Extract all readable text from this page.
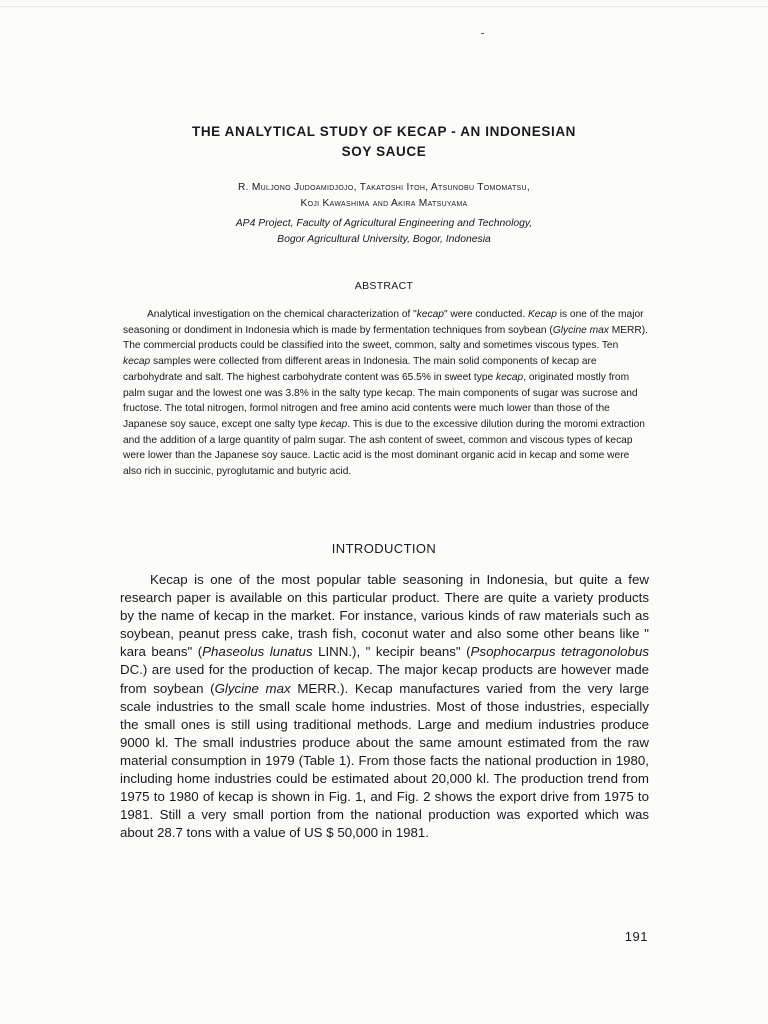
THE ANALYTICAL STUDY OF KECAP - AN INDONESIAN
SOY SAUCE
R. Muljono Judoamidjojo, Takatoshi Itoh, Atsunobu Tomomatsu,
Koji Kawashima and Akira Matsuyama
AP4 Project, Faculty of Agricultural Engineering and Technology,
Bogor Agricultural University, Bogor, Indonesia
ABSTRACT

Analytical investigation on the chemical characterization of "kecap" were conducted. Kecap is one of the major seasoning or dondiment in Indonesia which is made by fermentation techniques from soybean (Glycine max MERR). The commercial products could be classified into the sweet, common, salty and sometimes viscous types. Ten kecap samples were collected from different areas in Indonesia. The main solid components of kecap are carbohydrate and salt. The highest carbohydrate content was 65.5% in sweet type kecap, originated mostly from palm sugar and the lowest one was 3.8% in the salty type kecap. The main components of sugar was sucrose and fructose. The total nitrogen, formol nitrogen and free amino acid contents were much lower than those of the Japanese soy sauce, except one salty type kecap. This is due to the excessive dilution during the moromi extraction and the addition of a large quantity of palm sugar. The ash content of sweet, common and viscous types of kecap were lower than the Japanese soy sauce. Lactic acid is the most dominant organic acid in kecap and some were also rich in succinic, pyroglutamic and butyric acid.

INTRODUCTION

Kecap is one of the most popular table seasoning in Indonesia, but quite a few research paper is available on this particular product. There are quite a variety products by the name of kecap in the market. For instance, various kinds of raw materials such as soybean, peanut press cake, trash fish, coconut water and also some other beans like " kara beans" (Phaseolus lunatus LINN.), " kecipir beans" (Psophocarpus tetragonolobus DC.) are used for the production of kecap. The major kecap products are however made from soybean (Glycine max MERR.). Kecap manufactures varied from the very large scale industries to the small scale home industries. Most of those industries, especially the small ones is still using traditional methods. Large and medium industries produce 9000 kl. The small industries produce about the same amount estimated from the raw material consumption in 1979 (Table 1). From those facts the national production in 1980, including home industries could be estimated about 20,000 kl. The production trend from 1975 to 1980 of kecap is shown in Fig. 1, and Fig. 2 shows the export drive from 1975 to 1981. Still a very small portion from the national production was exported which was about 28.7 tons with a value of US $ 50,000 in 1981.

191
